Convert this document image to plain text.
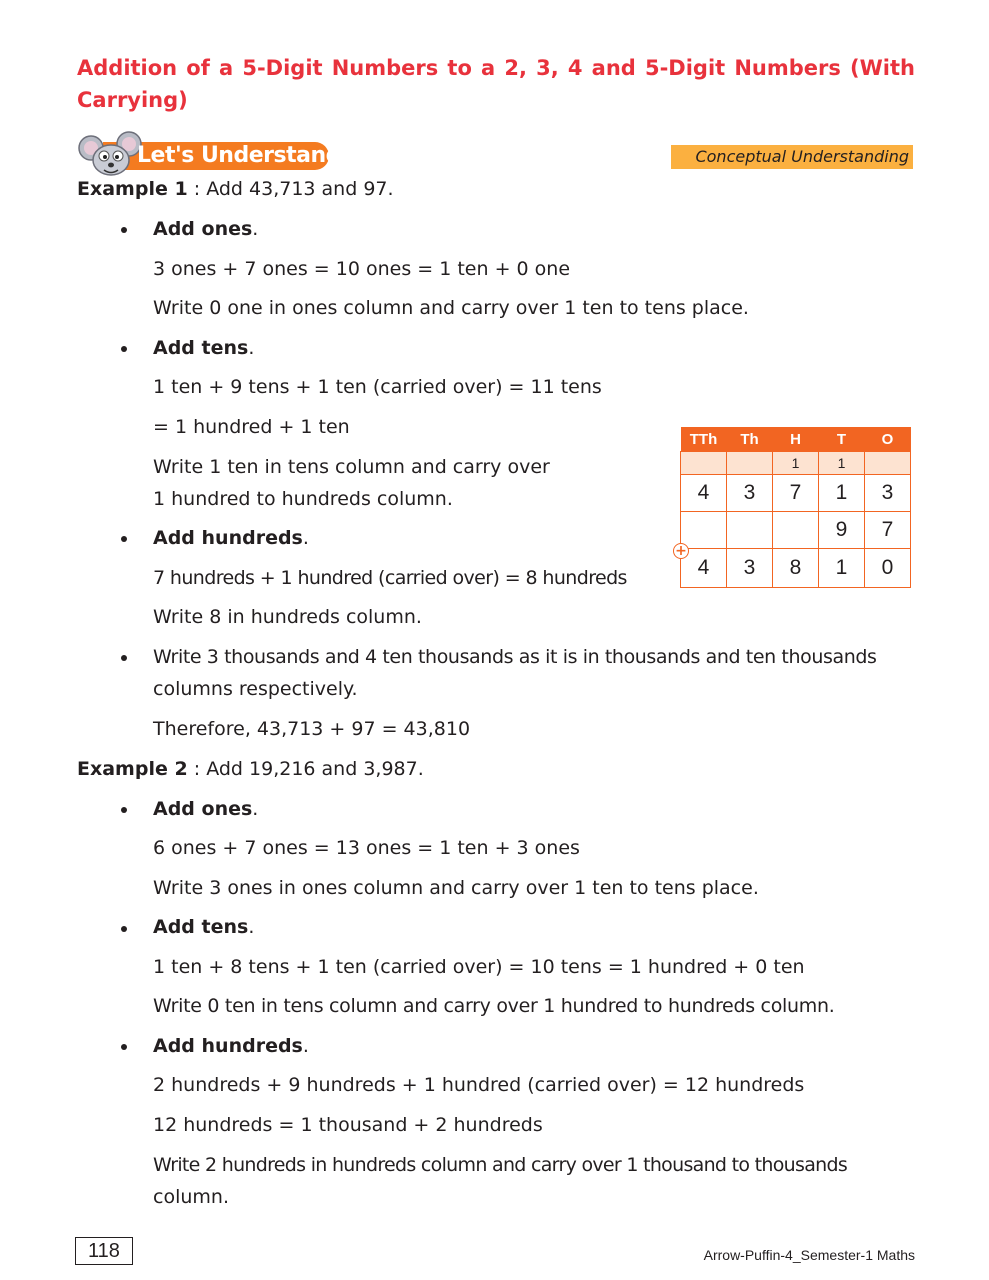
Addition of a 5-Digit Numbers to a 2, 3, 4 and 5-Digit Numbers (With Carrying)
Let's Understand	Conceptual Understanding
Example 1 : Add 43,713 and 97.
Add ones.
3 ones + 7 ones = 10 ones = 1 ten + 0 one
Write 0 one in ones column and carry over 1 ten to tens place.
Add tens.
1 ten + 9 tens + 1 ten (carried over) = 11 tens
= 1 hundred + 1 ten
Write 1 ten in tens column and carry over
1 hundred to hundreds column.
Add hundreds.
7 hundreds + 1 hundred (carried over) = 8 hundreds
Write 8 in hundreds column.
Write 3 thousands and 4 ten thousands as it is in thousands and ten thousands
columns respectively.
Therefore, 43,713 + 97 = 43,810
TTh	Th	H	T	O
		1	1	
4	3	7	1	3
			9	7
4	3	8	1	0
+
Example 2 : Add 19,216 and 3,987.
Add ones.
6 ones + 7 ones = 13 ones = 1 ten + 3 ones
Write 3 ones in ones column and carry over 1 ten to tens place.
Add tens.
1 ten + 8 tens + 1 ten (carried over) = 10 tens = 1 hundred + 0 ten
Write 0 ten in tens column and carry over 1 hundred to hundreds column.
Add hundreds.
2 hundreds + 9 hundreds + 1 hundred (carried over) = 12 hundreds
12 hundreds = 1 thousand + 2 hundreds
Write 2 hundreds in hundreds column and carry over 1 thousand to thousands
column.
118	Arrow-Puffin-4_Semester-1 Maths
